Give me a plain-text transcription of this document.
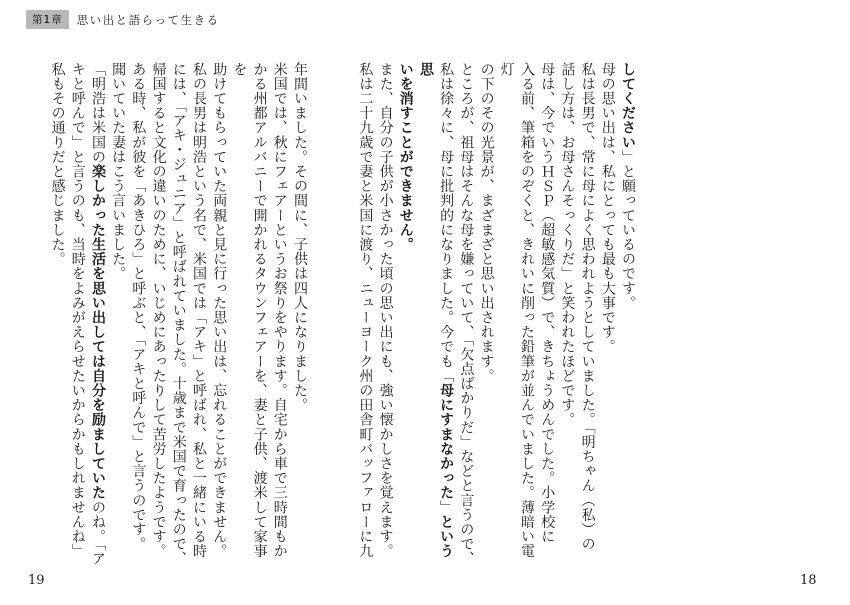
第1章	思い出と語らって生きる

してください」と願っているのです。

母の思い出は、私にとっても最も大事です。

私は長男で、常に母によく思われようとしていました。「明ちゃん（私）の

話し方は、お母さんそっくりだ」と笑われたほどです。

母は、今でいうＨＳＰ（超敏感気質）で、きちょうめんでした。小学校に

入る前、筆箱をのぞくと、きれいに削った鉛筆が並んでいました。薄暗い電灯

の下のその光景が、まざまざと思い出されます。

ところが、祖母はそんな母を嫌っていて、「欠点ばかりだ」などと言うので、

私は徐々に、母に批判的になりました。今でも「母にすまなかった」という思

いを消すことができません。

また、自分の子供が小さかった頃の思い出にも、強い懐かしさを覚えます。

私は二十九歳で妻と米国に渡り、ニューヨーク州の田舎町バッファローに九

年間いました。その間に、子供は四人になりました。

米国では、秋にフェアーというお祭りをやります。自宅から車で三時間もか

かる州都アルバニーで開かれるタウンフェアーを、妻と子供、渡米して家事を

助けてもらっていた両親と見に行った思い出は、忘れることができません。

私の長男は明浩という名で、米国では「アキ」と呼ばれ、私と一緒にいる時

には、「アキ・ジュニア」と呼ばれていました。十歳まで米国で育ったので、

帰国すると文化の違いのために、いじめにあったりして苦労したようです。

ある時、私が彼を「あきひろ」と呼ぶと、「アキと呼んで」と言うのです。

聞いていた妻はこう言いました。

「明浩は米国の楽しかった生活を思い出しては自分を励ましていたのね。「ア

キと呼んで」と言うのも、当時をよみがえらせたいからかもしれませんね」

私もその通りだと感じました。

19	18
